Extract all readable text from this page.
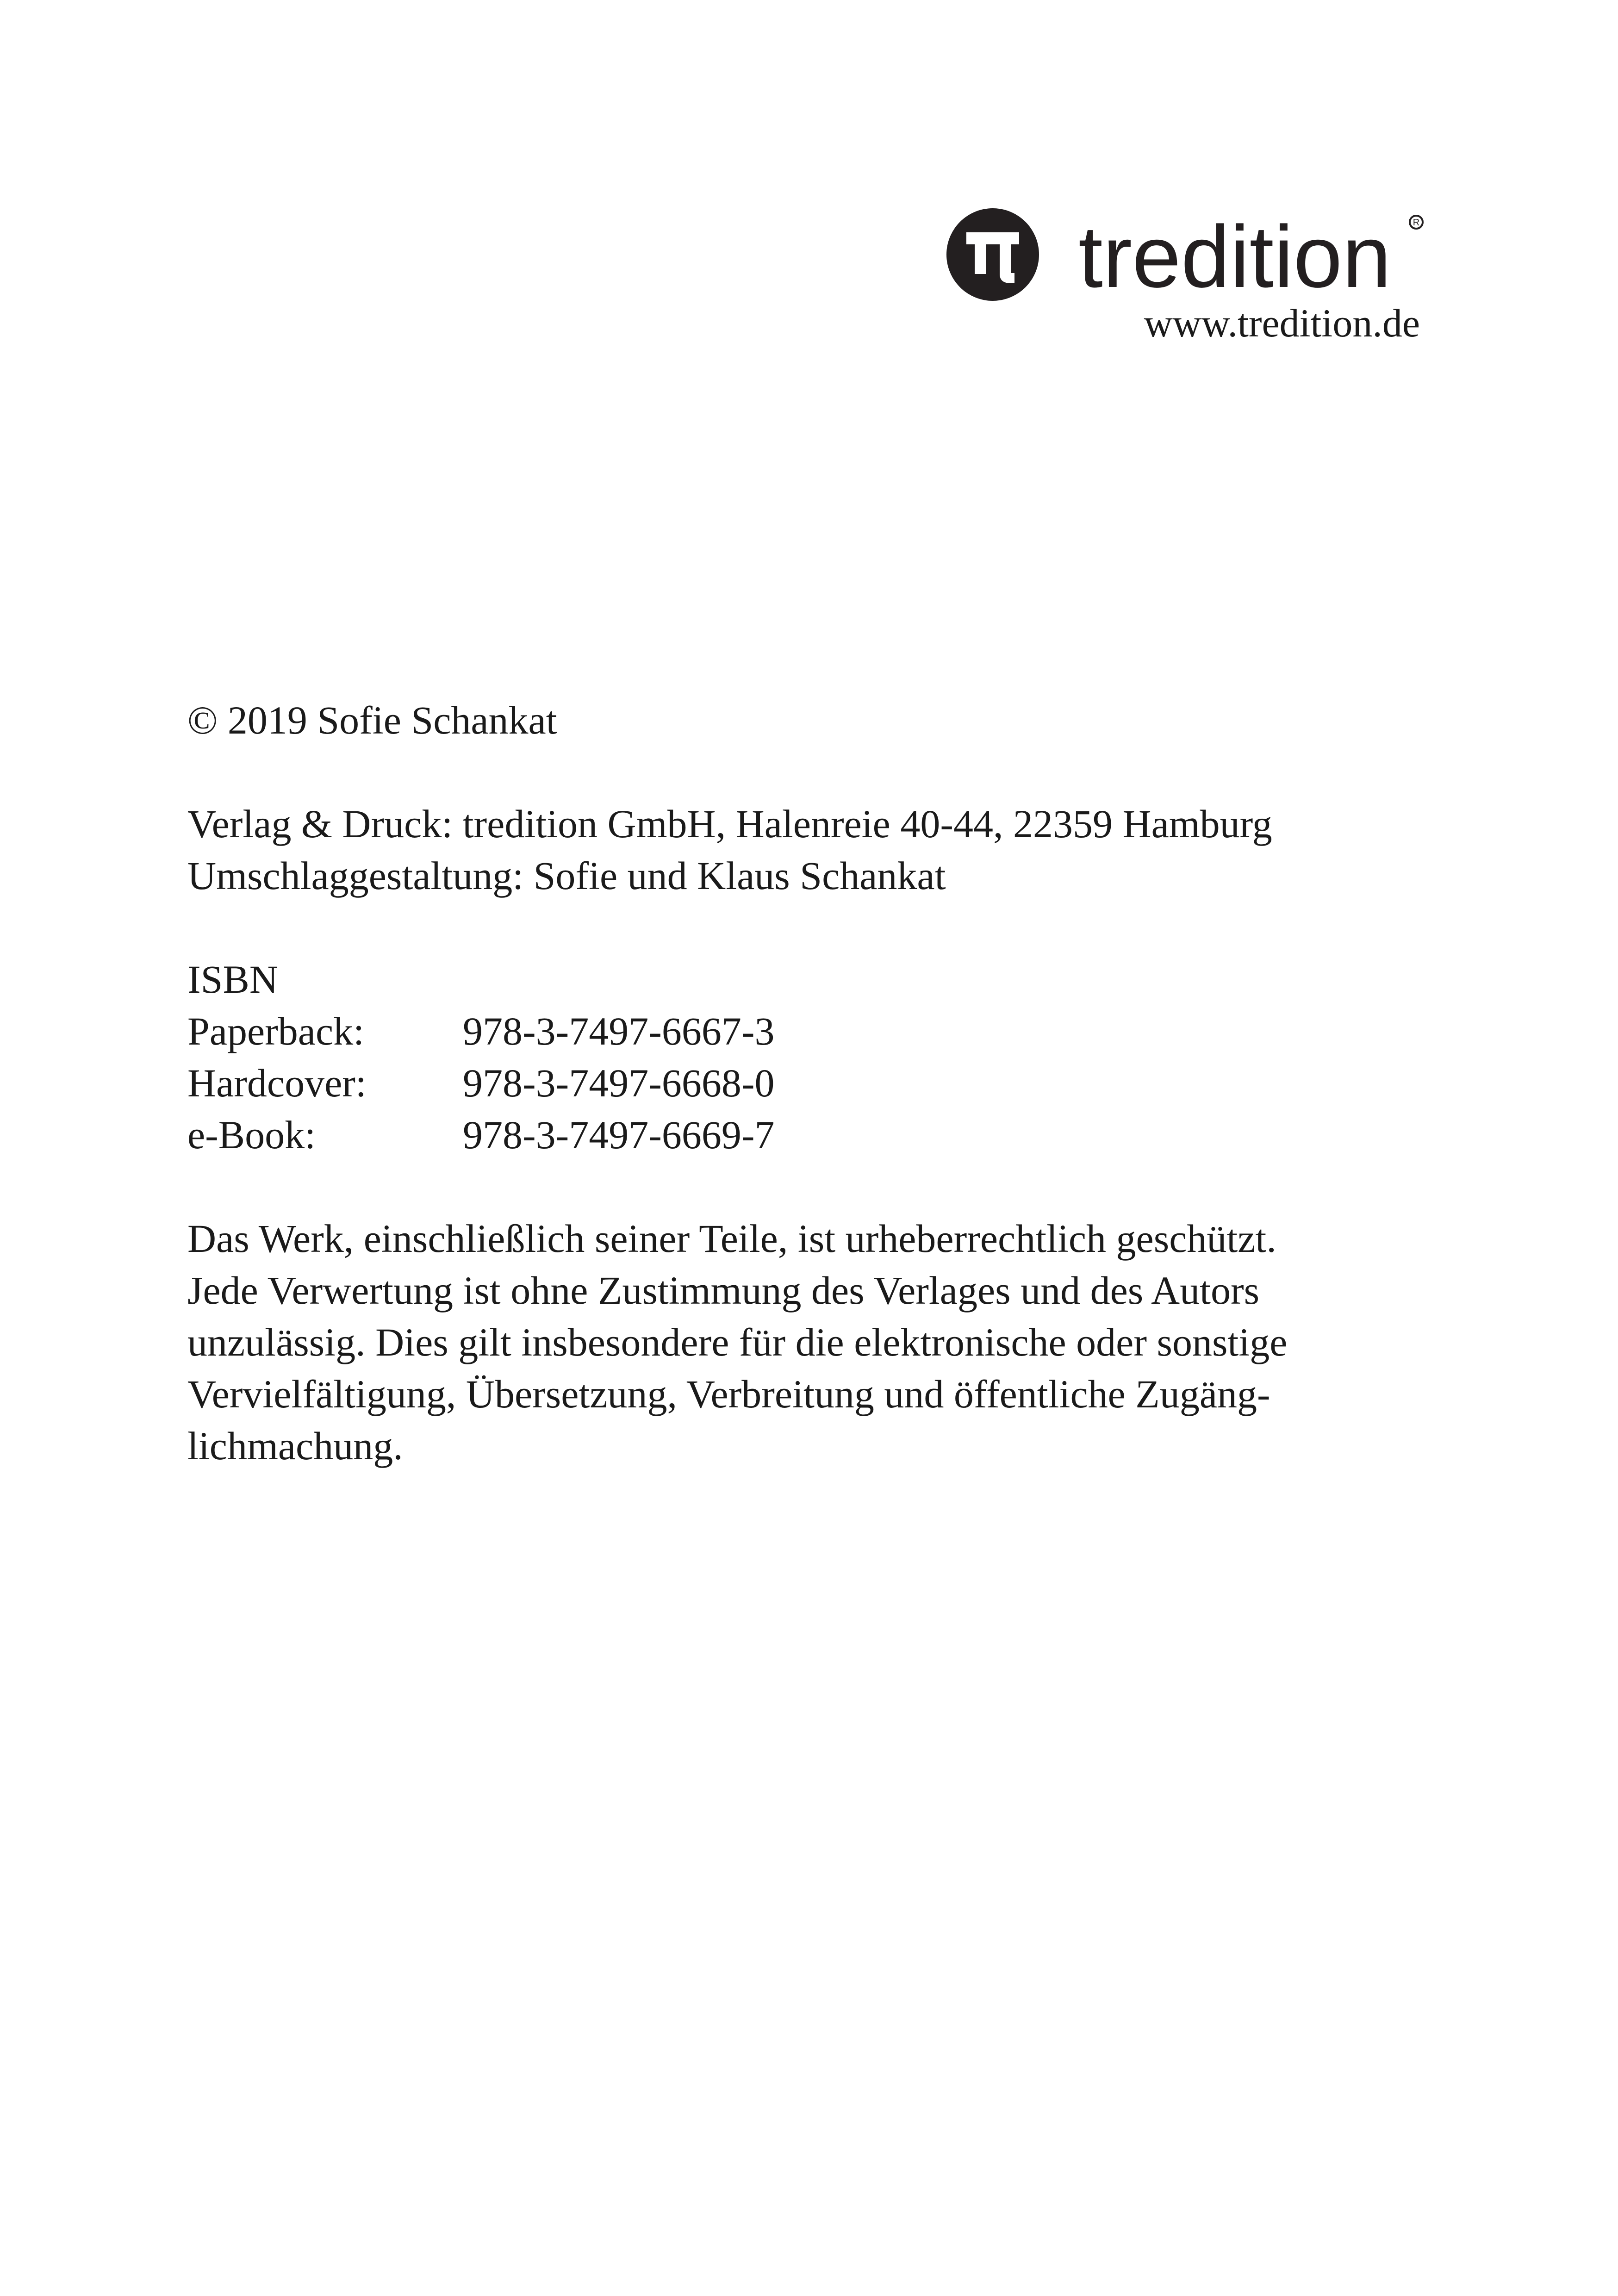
tredition R
www.tredition.de
© 2019 Sofie Schankat
Verlag & Druck: tredition GmbH, Halenreie 40-44, 22359 Hamburg
Umschlaggestaltung: Sofie und Klaus Schankat
ISBN
Paperback:	978-3-7497-6667-3
Hardcover:	978-3-7497-6668-0
e-Book:	978-3-7497-6669-7
Das Werk, einschließlich seiner Teile, ist urheberrechtlich geschützt.
Jede Verwertung ist ohne Zustimmung des Verlages und des Autors
unzulässig. Dies gilt insbesondere für die elektronische oder sonstige
Vervielfältigung, Übersetzung, Verbreitung und öffentliche Zugäng-
lichmachung.
